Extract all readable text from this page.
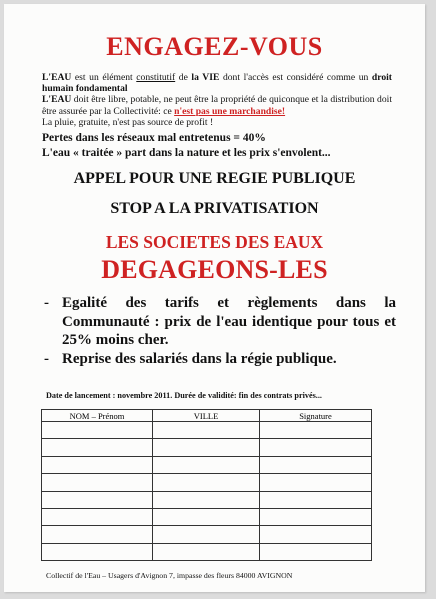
ENGAGEZ-VOUS
L'EAU est un élément constitutif de la VIE dont l'accès est considéré comme un droit humain fondamental
L'EAU doit être libre, potable, ne peut être la propriété de quiconque et la distribution doit être assurée par la Collectivité: ce n'est pas une marchandise!
La pluie, gratuite, n'est pas source de profit !
Pertes dans les réseaux mal entretenus = 40%
L'eau « traitée » part dans la nature et les prix s'envolent...
APPEL POUR UNE REGIE PUBLIQUE
STOP A LA PRIVATISATION
LES SOCIETES DES EAUX
DEGAGEONS-LES
- Egalité des tarifs et règlements dans la Communauté : prix de l'eau identique pour tous et 25% moins cher.
- Reprise des salariés dans la régie publique.
Date de lancement : novembre 2011. Durée de validité: fin des contrats privés...
NOM – Prénom	VILLE	Signature

Collectif de l'Eau – Usagers d'Avignon 7, impasse des fleurs 84000 AVIGNON
